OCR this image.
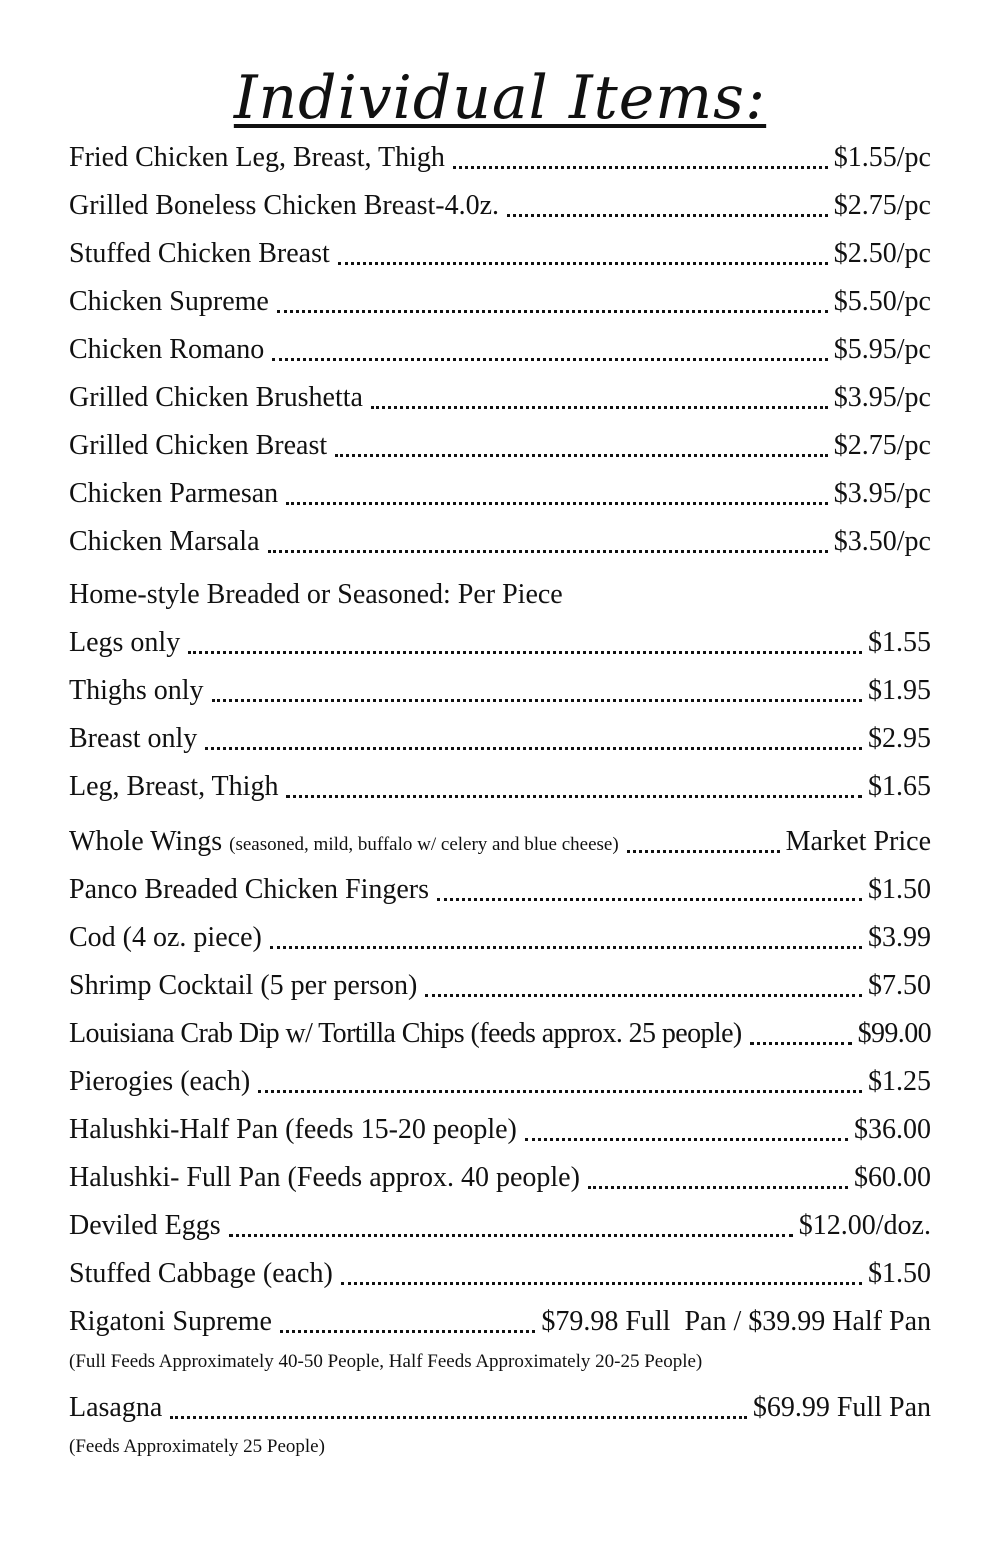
Individual Items:
Fried Chicken Leg, Breast, Thigh	$1.55/pc
Grilled Boneless Chicken Breast-4.0z.	$2.75/pc
Stuffed Chicken Breast	$2.50/pc
Chicken Supreme	$5.50/pc
Chicken Romano	$5.95/pc
Grilled Chicken Brushetta	$3.95/pc
Grilled Chicken Breast	$2.75/pc
Chicken Parmesan	$3.95/pc
Chicken Marsala	$3.50/pc
Home-style Breaded or Seasoned: Per Piece
Legs only	$1.55
Thighs only	$1.95
Breast only	$2.95
Leg, Breast, Thigh	$1.65
Whole Wings (seasoned, mild, buffalo w/ celery and blue cheese)	Market Price
Panco Breaded Chicken Fingers	$1.50
Cod (4 oz. piece)	$3.99
Shrimp Cocktail (5 per person)	$7.50
Louisiana Crab Dip w/ Tortilla Chips (feeds approx. 25 people)	$99.00
Pierogies (each)	$1.25
Halushki-Half Pan (feeds 15-20 people)	$36.00
Halushki- Full Pan (Feeds approx. 40 people)	$60.00
Deviled Eggs	$12.00/doz.
Stuffed Cabbage (each)	$1.50
Rigatoni Supreme	$79.98 Full  Pan / $39.99 Half Pan
(Full Feeds Approximately 40-50 People, Half Feeds Approximately 20-25 People)
Lasagna	$69.99 Full Pan
(Feeds Approximately 25 People)
